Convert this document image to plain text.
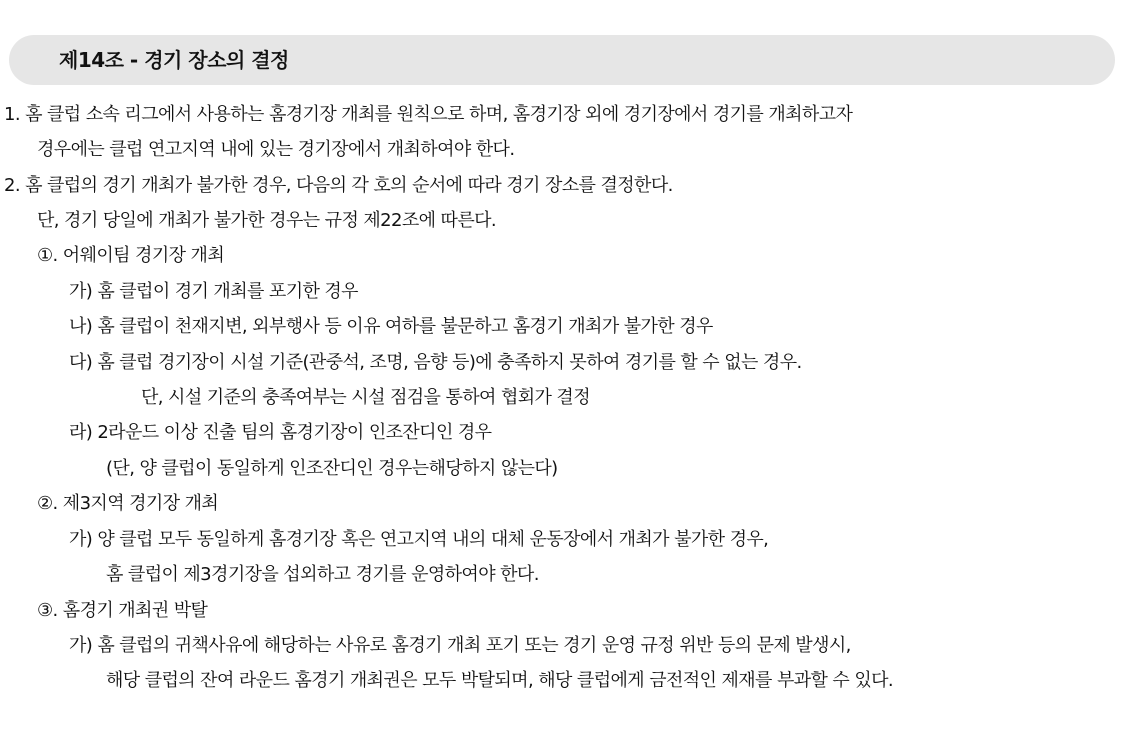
제14조 - 경기 장소의 결정
1. 홈 클럽 소속 리그에서 사용하는 홈경기장 개최를 원칙으로 하며, 홈경기장 외에 경기장에서 경기를 개최하고자
경우에는 클럽 연고지역 내에 있는 경기장에서 개최하여야 한다.
2. 홈 클럽의 경기 개최가 불가한 경우, 다음의 각 호의 순서에 따라 경기 장소를 결정한다.
단, 경기 당일에 개최가 불가한 경우는 규정 제22조에 따른다.
①. 어웨이팀 경기장 개최
가) 홈 클럽이 경기 개최를 포기한 경우
나) 홈 클럽이 천재지변, 외부행사 등 이유 여하를 불문하고 홈경기 개최가 불가한 경우
다) 홈 클럽 경기장이 시설 기준(관중석, 조명, 음향 등)에 충족하지 못하여 경기를 할 수 없는 경우.
단, 시설 기준의 충족여부는 시설 점검을 통하여 협회가 결정
라) 2라운드 이상 진출 팀의 홈경기장이 인조잔디인 경우
(단, 양 클럽이 동일하게 인조잔디인 경우는해당하지 않는다)
②. 제3지역 경기장 개최
가) 양 클럽 모두 동일하게 홈경기장 혹은 연고지역 내의 대체 운동장에서 개최가 불가한 경우,
홈 클럽이 제3경기장을 섭외하고 경기를 운영하여야 한다.
③. 홈경기 개최권 박탈
가) 홈 클럽의 귀책사유에 해당하는 사유로 홈경기 개최 포기 또는 경기 운영 규정 위반 등의 문제 발생시,
해당 클럽의 잔여 라운드 홈경기 개최권은 모두 박탈되며, 해당 클럽에게 금전적인 제재를 부과할 수 있다.
